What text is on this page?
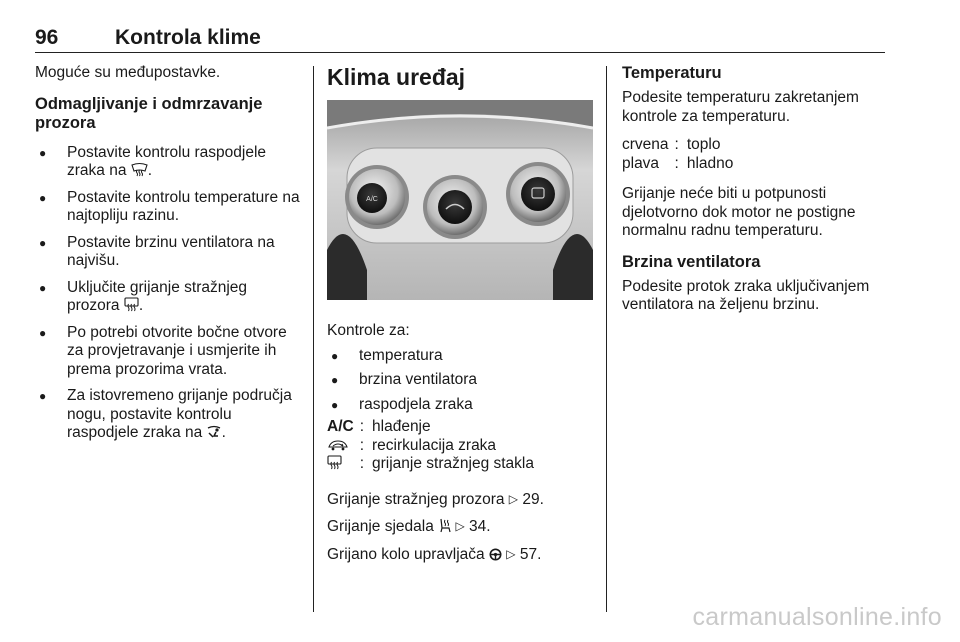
96	Kontrola klime

Moguće su međupostavke.

Odmagljivanje i odmrzavanje prozora

● Postavite kontrolu raspodjele zraka na .
● Postavite kontrolu temperature na najtopliju razinu.
● Postavite brzinu ventilatora na najvišu.
● Uključite grijanje stražnjeg prozora .
● Po potrebi otvorite bočne otvore za provjetravanje i usmjerite ih prema prozorima vrata.
● Za istovremeno grijanje područja nogu, postavite kontrolu raspodjele zraka na .

Klima uređaj

A/C

Kontrole za:

● temperatura
● brzina ventilatora
● raspodjela zraka
A/C	:	hlađenje
	:	recirkulacija zraka
	:	grijanje stražnjeg stakla

Grijanje stražnjeg prozora ▷ 29.

Grijanje sjedala ▷ 34.

Grijano kolo upravljača ▷ 57.

Temperaturu

Podesite temperaturu zakretanjem kontrole za temperaturu.

crvena	:	toplo
plava	:	hladno

Grijanje neće biti u potpunosti djelotvorno dok motor ne postigne normalnu radnu temperaturu.

Brzina ventilatora

Podesite protok zraka uključivanjem ventilatora na željenu brzinu.

carmanualsonline.info
